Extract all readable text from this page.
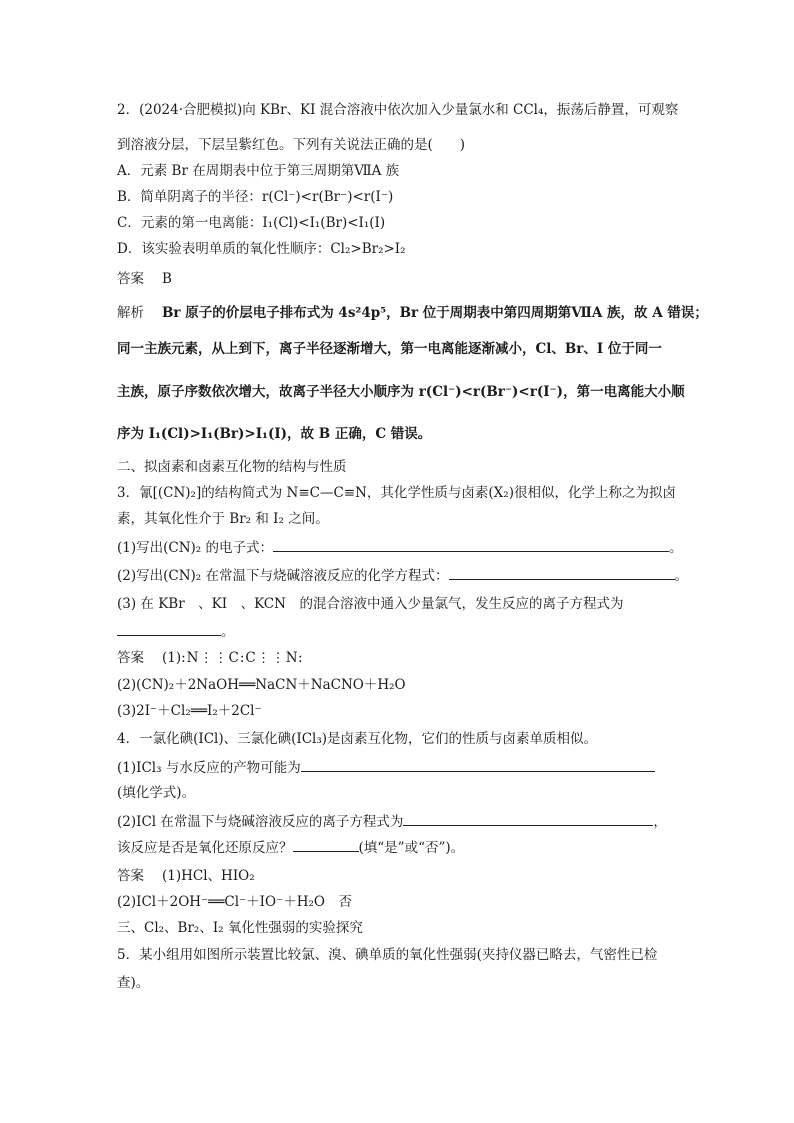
2．(2024·合肥模拟)向 KBr、KI 混合溶液中依次加入少量氯水和 CCl₄，振荡后静置，可观察
到溶液分层，下层呈紫红色。下列有关说法正确的是(　　)
A．元素 Br 在周期表中位于第三周期第ⅦA 族
B．简单阴离子的半径：r(Cl⁻)<r(Br⁻)<r(I⁻)
C．元素的第一电离能：I₁(Cl)<I₁(Br)<I₁(I)
D．该实验表明单质的氧化性顺序：Cl₂>Br₂>I₂
答案 B
解析 Br 原子的价层电子排布式为 4s²4p⁵，Br 位于周期表中第四周期第ⅦA 族，故 A 错误；
同一主族元素，从上到下，离子半径逐渐增大，第一电离能逐渐减小，Cl、Br、I 位于同一
主族，原子序数依次增大，故离子半径大小顺序为 r(Cl⁻)<r(Br⁻)<r(I⁻)，第一电离能大小顺
序为 I₁(Cl)>I₁(Br)>I₁(I)，故 B 正确，C 错误。
二、拟卤素和卤素互化物的结构与性质
3．氰[(CN)₂]的结构简式为 N≡C—C≡N，其化学性质与卤素(X₂)很相似，化学上称之为拟卤
素，其氧化性介于 Br₂ 和 I₂ 之间。
(1)写出(CN)₂ 的电子式：	。
(2)写出(CN)₂ 在常温下与烧碱溶液反应的化学方程式：	。
(3) 在 KBr　、KI　、KCN　的混合溶液中通入少量氯气，发生反应的离子方程式为
。
答案 (1):N⋮⋮C:C⋮⋮N:
(2)(CN)₂＋2NaOH══NaCN＋NaCNO＋H₂O
(3)2I⁻＋Cl₂══I₂＋2Cl⁻
4．一氯化碘(ICl)、三氯化碘(ICl₃)是卤素互化物，它们的性质与卤素单质相似。
(1)ICl₃ 与水反应的产物可能为
(填化学式)。
(2)ICl 在常温下与烧碱溶液反应的离子方程式为	，
该反应是否是氧化还原反应？	(填“是”或“否”)。
答案 (1)HCl、HIO₂
(2)ICl＋2OH⁻══Cl⁻＋IO⁻＋H₂O　否
三、Cl₂、Br₂、I₂ 氧化性强弱的实验探究
5．某小组用如图所示装置比较氯、溴、碘单质的氧化性强弱(夹持仪器已略去，气密性已检
查)。
